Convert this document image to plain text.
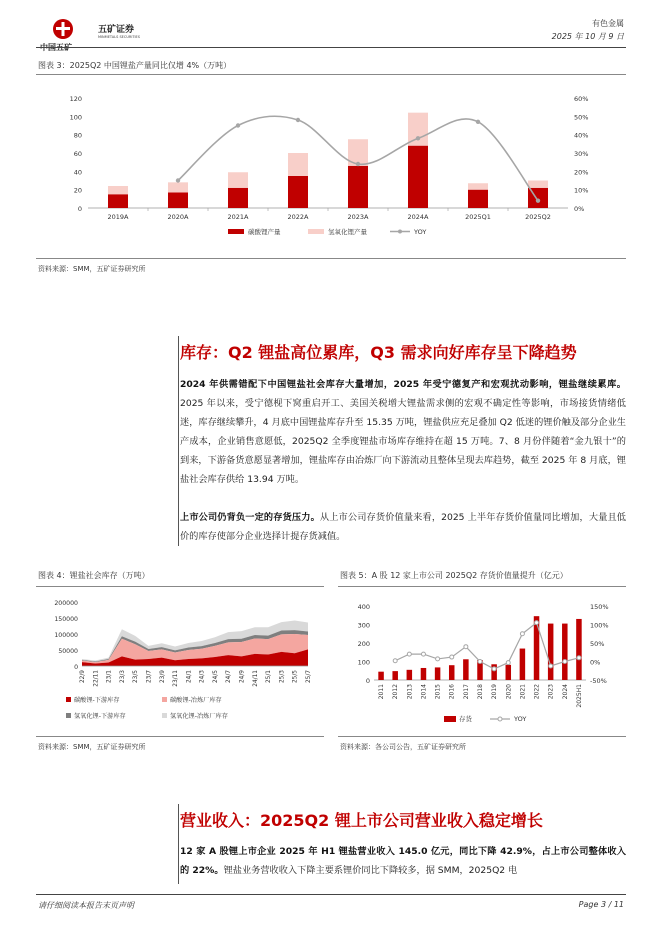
五矿证券
MINMETALS SECURITIES
有色金属
2025 年 10 月 9 日
图表 3：2025Q2 中国锂盐产量同比仅增 4%（万吨）
0
20
40
60
80
100
120
0%
10%
20%
30%
40%
50%
60%
2019A	2020A	2021A	2022A	2023A	2024A	2025Q1	2025Q2
碳酸锂产量	氢氧化锂产量	YOY
资料来源：SMM，五矿证券研究所
库存：Q2 锂盐高位累库，Q3 需求向好库存呈下降趋势
2024 年供需错配下中国锂盐社会库存大量增加，2025 年受宁德复产和宏观扰动影响，锂盐继续累库。2025 年以来，受宁德枧下窝重启开工、美国关税增大锂盐需求侧的宏观不确定性等影响，市场接货情绪低迷，库存继续攀升，4 月底中国锂盐库存升至 15.35 万吨，锂盐供应充足叠加 Q2 低迷的锂价触及部分企业生产成本，企业销售意愿低，2025Q2 全季度锂盐市场库存维持在超 15 万吨。7、8 月份伴随着“金九银十”的到来，下游备货意愿显著增加，锂盐库存由冶炼厂向下游流动且整体呈现去库趋势，截至 2025 年 8 月底，锂盐社会库存供给 13.94 万吨。
上市公司仍背负一定的存货压力。从上市公司存货价值量来看，2025 上半年存货价值量同比增加，大量且低价的库存使部分企业选择计提存货减值。
图表 4：锂盐社会库存（万吨）
0
50000
100000
150000
200000
22/9 22/11 23/1 23/3 23/5 23/7 23/9 23/11 24/1 24/3 24/5 24/7 24/9 24/11 25/1 25/3 25/5 25/7
碳酸锂-下游库存	碳酸锂-冶炼厂库存
氢氧化锂-下游库存	氢氧化锂-冶炼厂库存
资料来源：SMM，五矿证券研究所
图表 5：A 股 12 家上市公司 2025Q2 存货价值量提升（亿元）
0
100
200
300
400
-50%
0%
50%
100%
150%
2011 2012 2013 2014 2015 2016 2017 2018 2019 2020 2021 2022 2023 2024 2025H1
存货	YOY
资料来源：各公司公告，五矿证券研究所
营业收入：2025Q2 锂上市公司营业收入稳定增长
12 家 A 股锂上市企业 2025 年 H1 锂盐营业收入 145.0 亿元，同比下降 42.9%，占上市公司整体收入的 22%。锂盐业务营收收入下降主要系锂价同比下降较多，据 SMM，2025Q2 电
请仔细阅读本报告末页声明	Page 3 / 11
